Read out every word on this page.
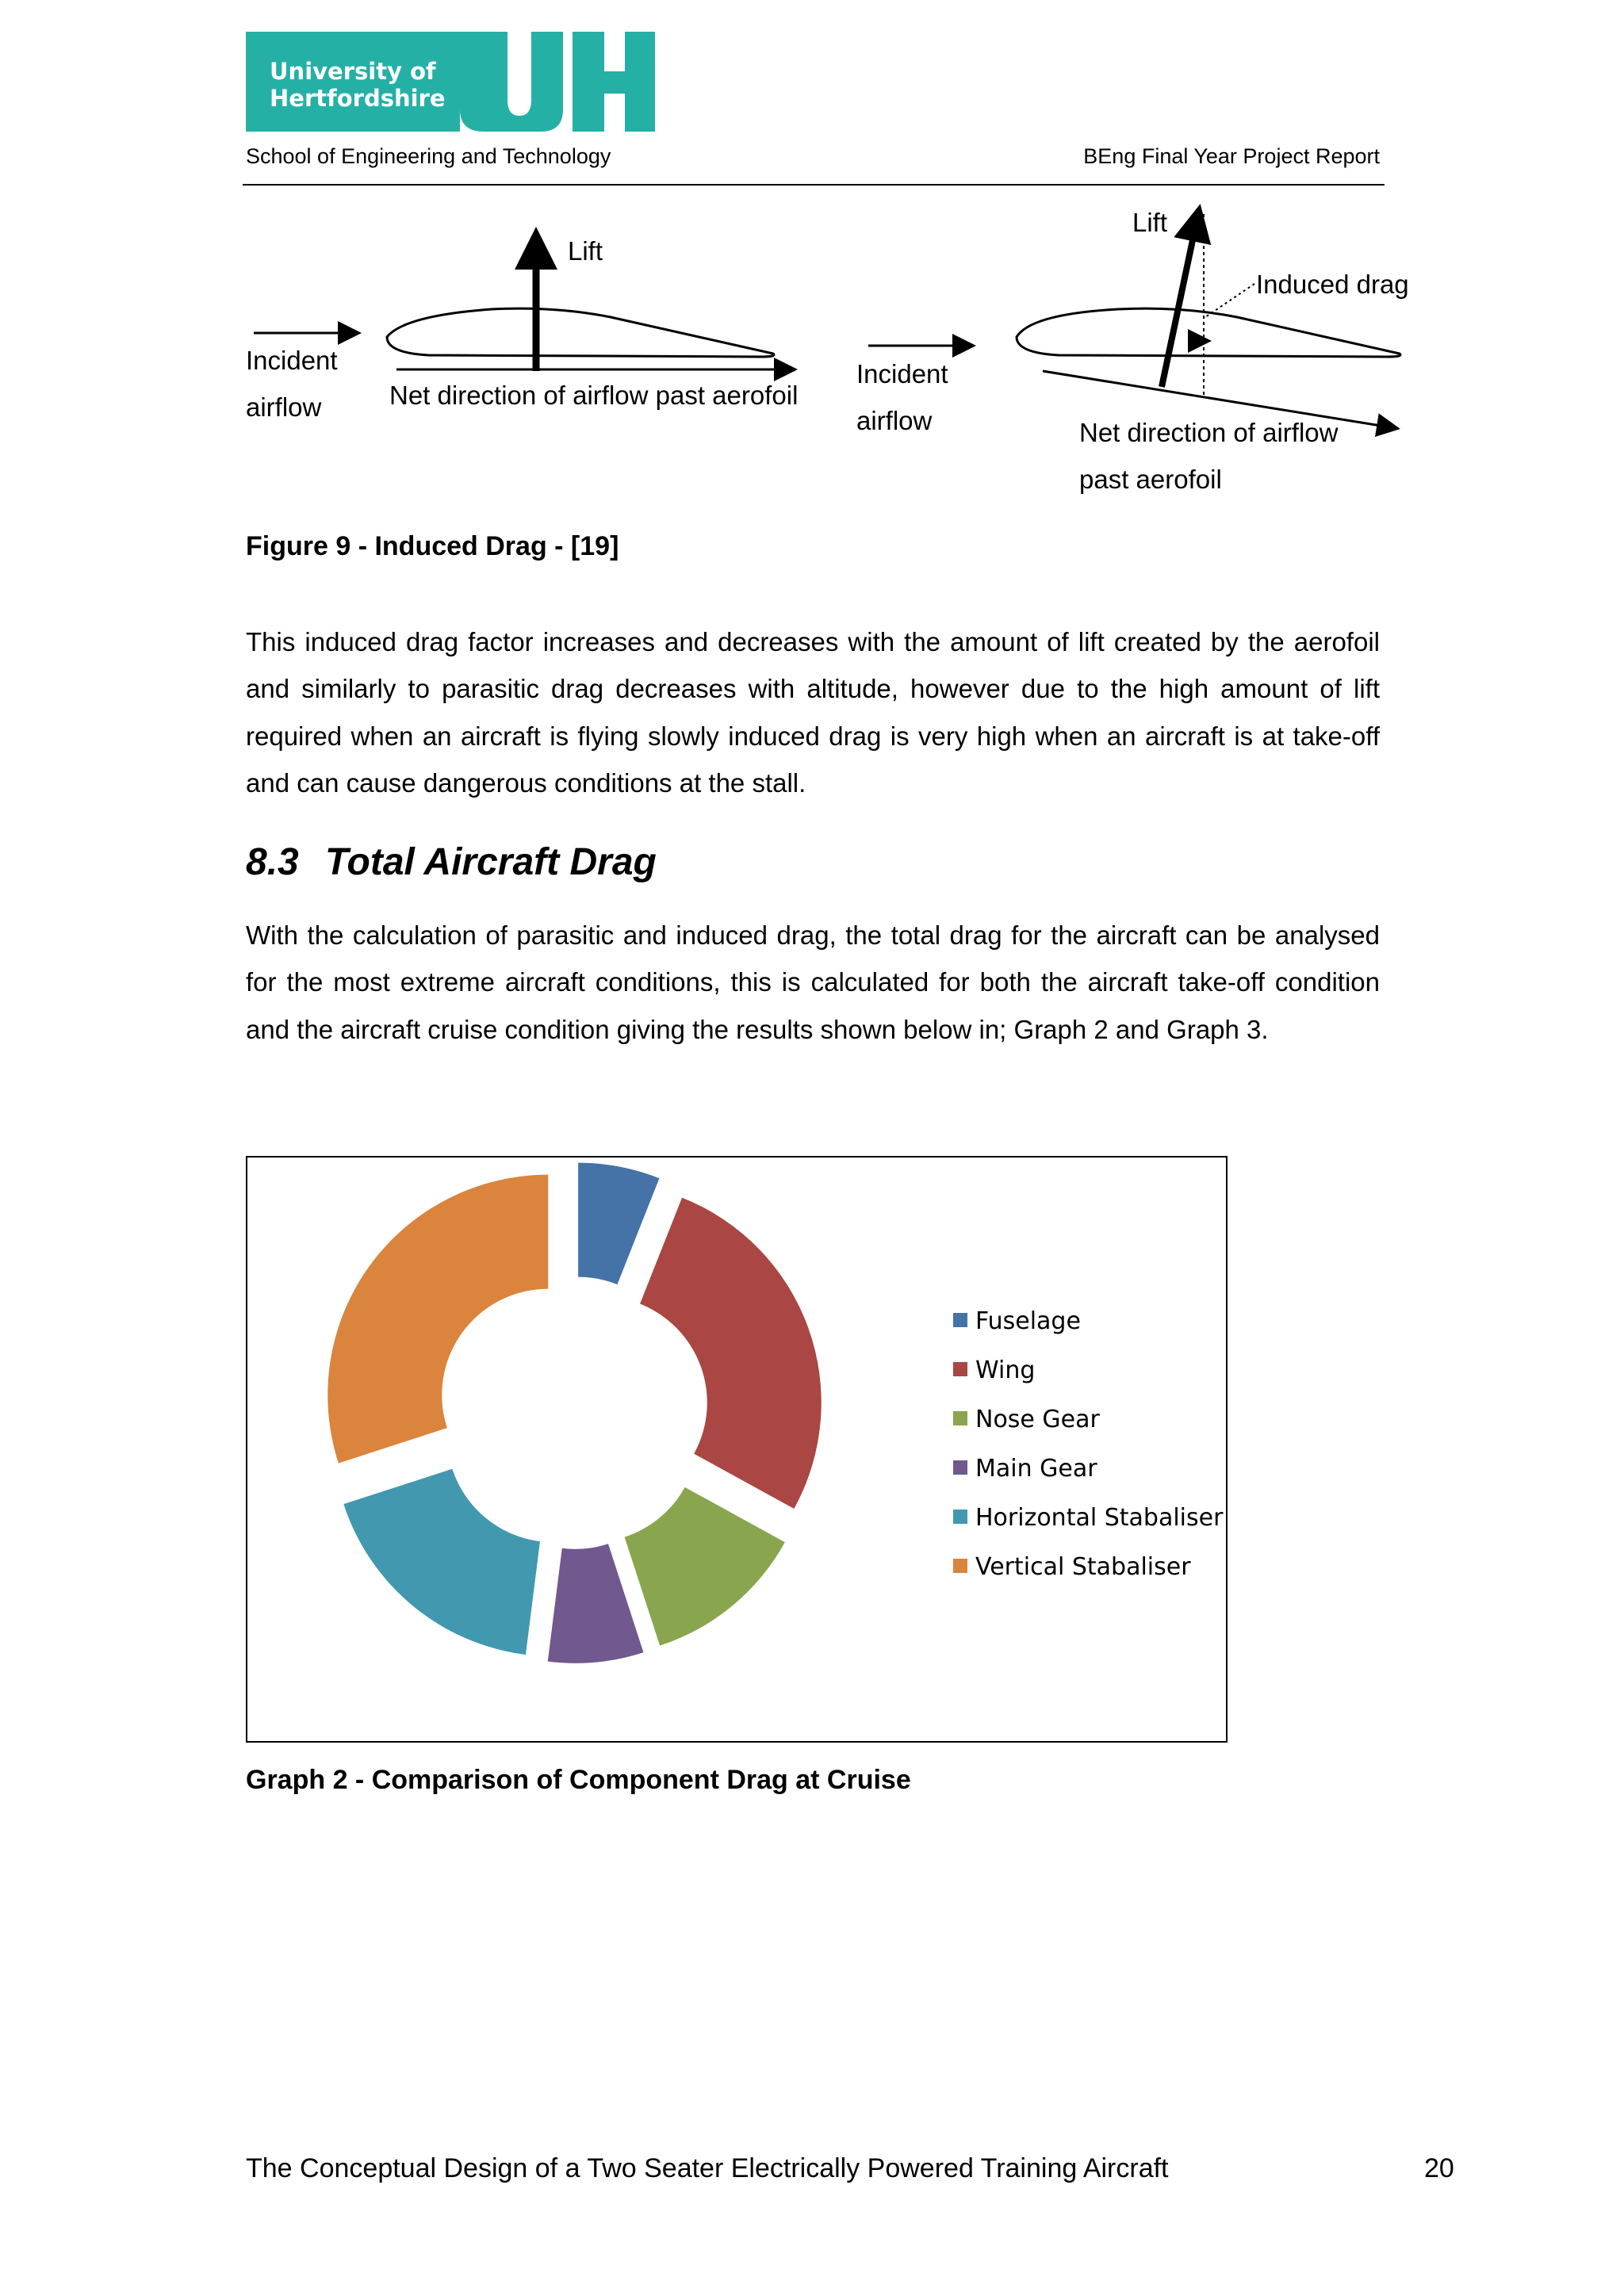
University of
Hertfordshire
School of Engineering and Technology	BEng Final Year Project Report
Lift
Incident
airflow	Net direction of airflow past aerofoil
Lift
Induced drag
Incident
airflow	Net direction of airflow
past aerofoil
Figure 9 - Induced Drag - [19]
This induced drag factor increases and decreases with the amount of lift created by the aerofoil and similarly to parasitic drag decreases with altitude, however due to the high amount of lift required when an aircraft is flying slowly induced drag is very high when an aircraft is at take-off and can cause dangerous conditions at the stall.
8.3 Total Aircraft Drag
With the calculation of parasitic and induced drag, the total drag for the aircraft can be analysed for the most extreme aircraft conditions, this is calculated for both the aircraft take-off condition and the aircraft cruise condition giving the results shown below in; Graph 2 and Graph 3.
Fuselage
Wing
Nose Gear
Main Gear
Horizontal Stabaliser
Vertical Stabaliser
Graph 2 - Comparison of Component Drag at Cruise
The Conceptual Design of a Two Seater Electrically Powered Training Aircraft	20
